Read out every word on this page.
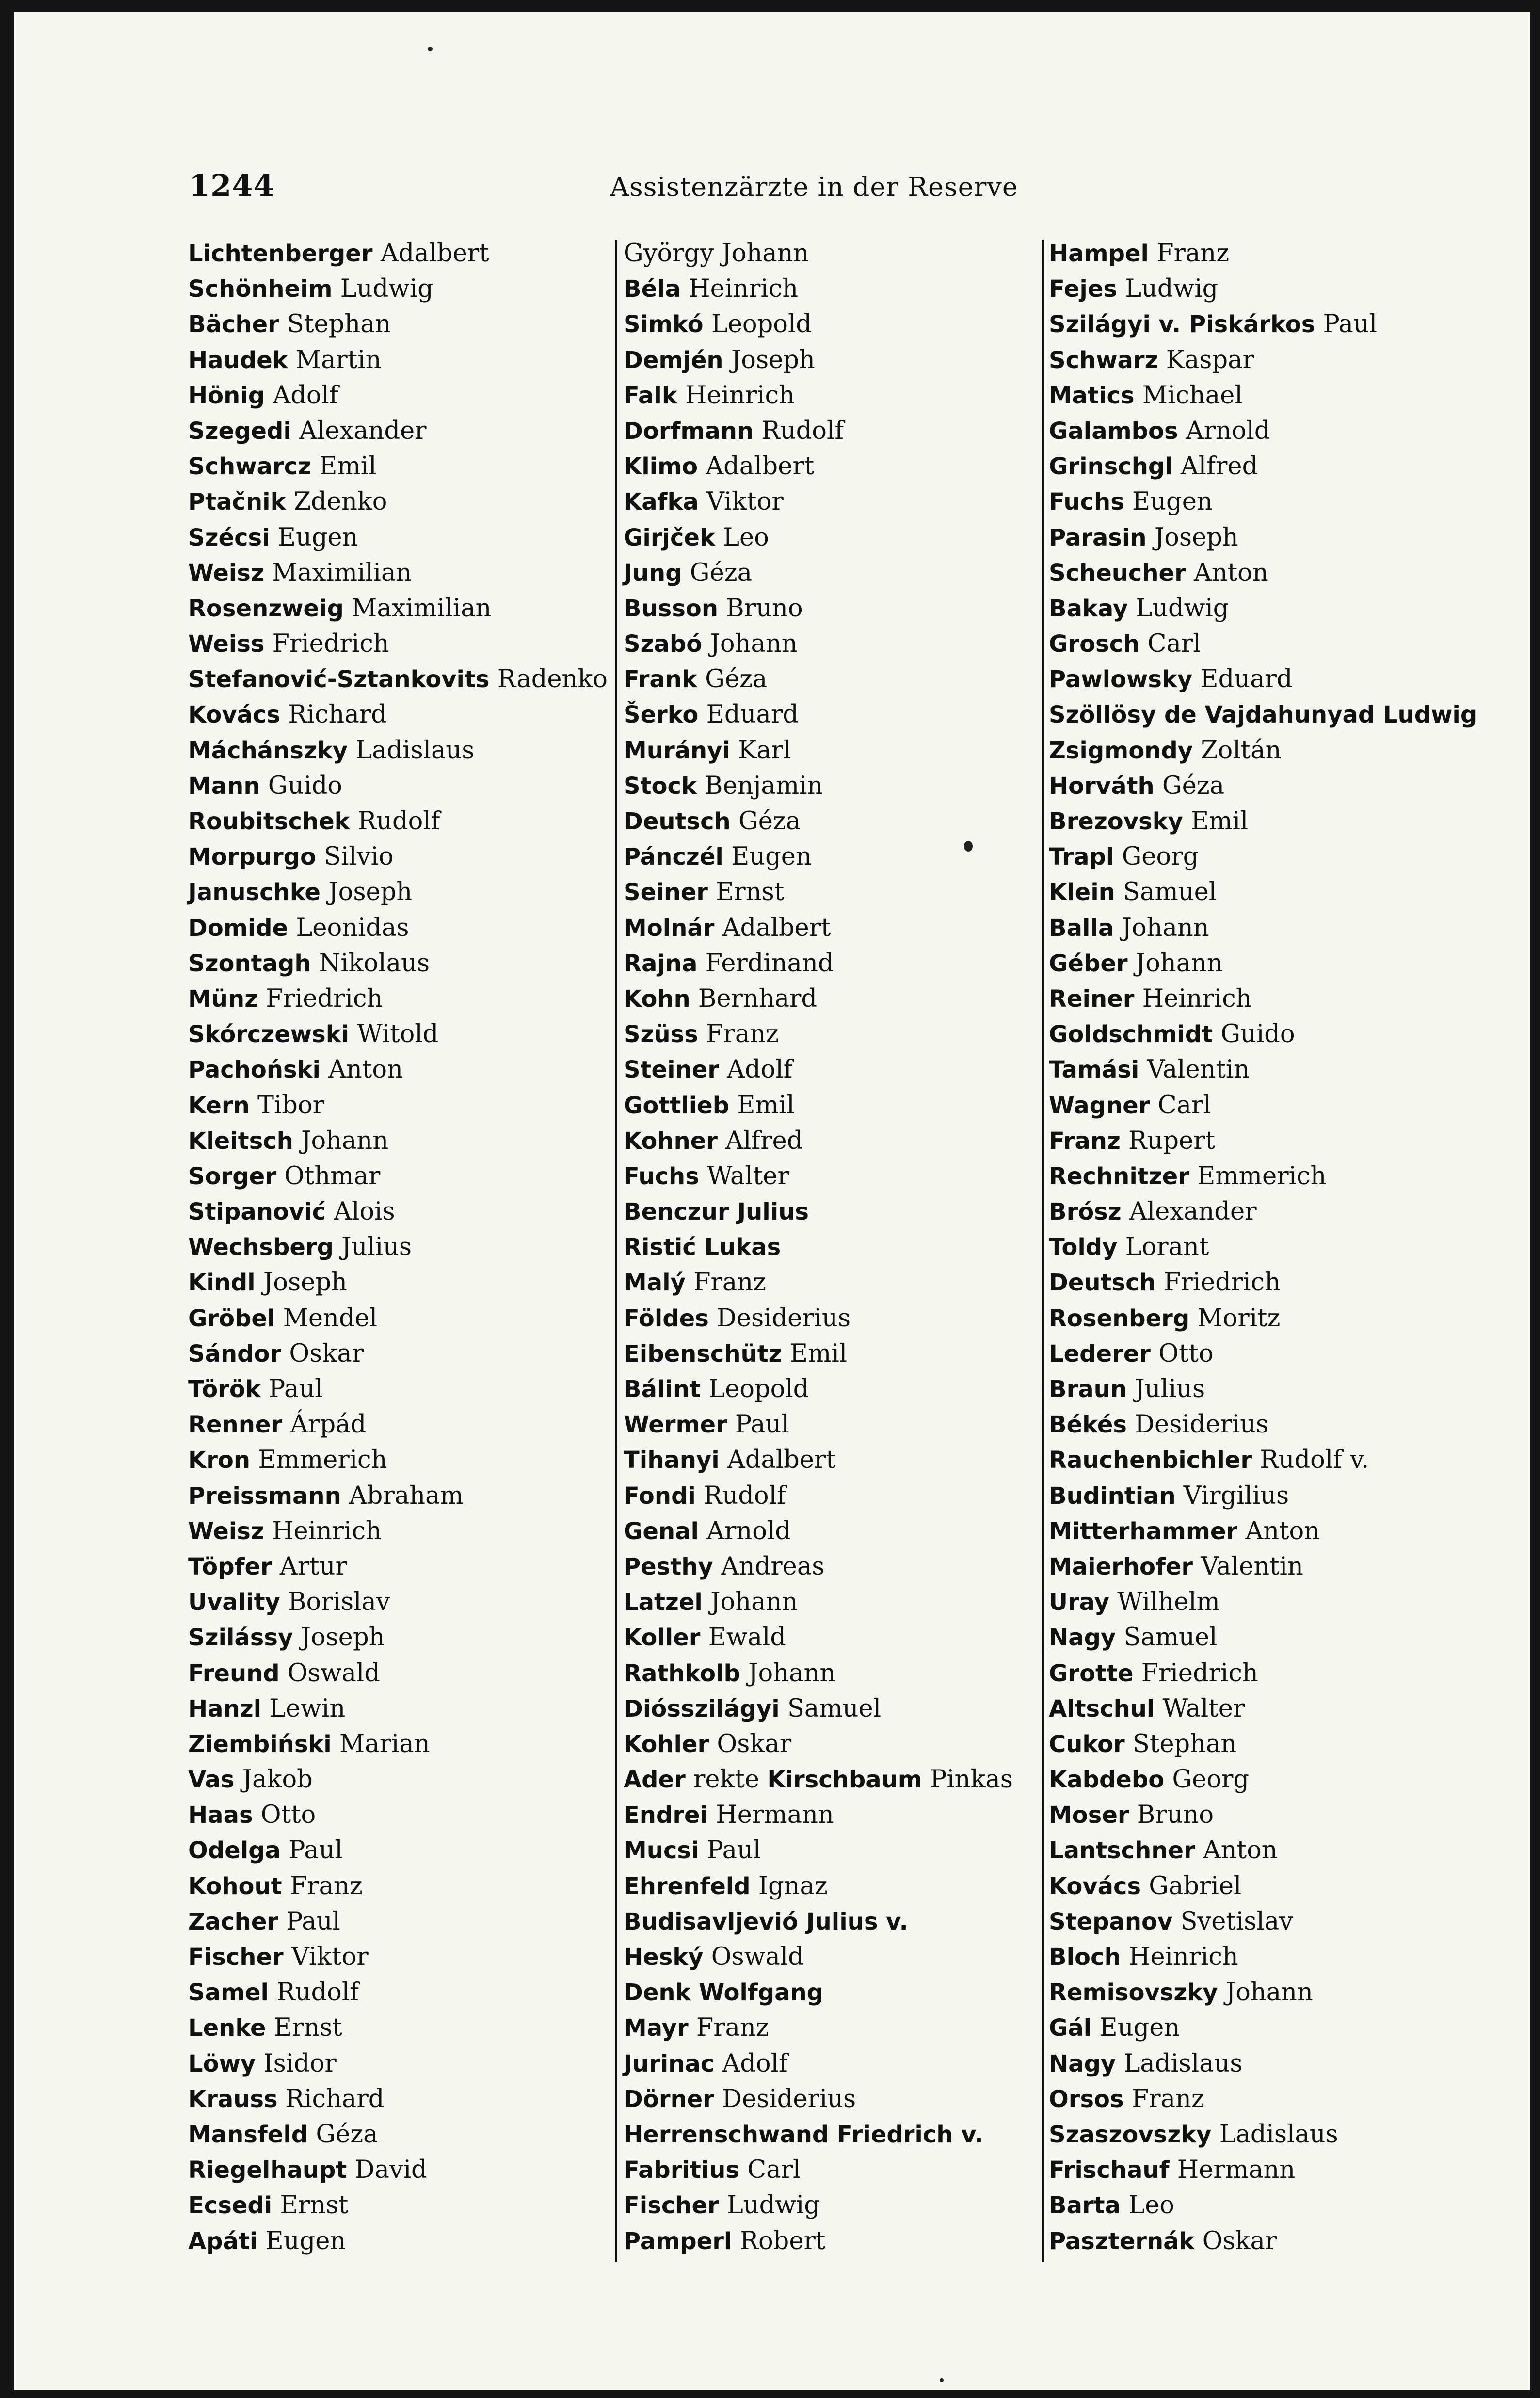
1244	Assistenzärzte in der Reserve
Lichtenberger Adalbert
Schönheim Ludwig
Bächer Stephan
Haudek Martin
Hönig Adolf
Szegedi Alexander
Schwarcz Emil
Ptačnik Zdenko
Szécsi Eugen
Weisz Maximilian
Rosenzweig Maximilian
Weiss Friedrich
Stefanović-Sztankovits Radenko
Kovács Richard
Máchánszky Ladislaus
Mann Guido
Roubitschek Rudolf
Morpurgo Silvio
Januschke Joseph
Domide Leonidas
Szontagh Nikolaus
Münz Friedrich
Skórczewski Witold
Pachoński Anton
Kern Tibor
Kleitsch Johann
Sorger Othmar
Stipanović Alois
Wechsberg Julius
Kindl Joseph
Gröbel Mendel
Sándor Oskar
Török Paul
Renner Árpád
Kron Emmerich
Preissmann Abraham
Weisz Heinrich
Töpfer Artur
Uvality Borislav
Szilássy Joseph
Freund Oswald
Hanzl Lewin
Ziembiński Marian
Vas Jakob
Haas Otto
Odelga Paul
Kohout Franz
Zacher Paul
Fischer Viktor
Samel Rudolf
Lenke Ernst
Löwy Isidor
Krauss Richard
Mansfeld Géza
Riegelhaupt David
Ecsedi Ernst
Apáti Eugen
György Johann
Béla Heinrich
Simkó Leopold
Demjén Joseph
Falk Heinrich
Dorfmann Rudolf
Klimo Adalbert
Kafka Viktor
Girjček Leo
Jung Géza
Busson Bruno
Szabó Johann
Frank Géza
Šerko Eduard
Murányi Karl
Stock Benjamin
Deutsch Géza
Pánczél Eugen
Seiner Ernst
Molnár Adalbert
Rajna Ferdinand
Kohn Bernhard
Szüss Franz
Steiner Adolf
Gottlieb Emil
Kohner Alfred
Fuchs Walter
Benczur Julius
Ristić Lukas
Malý Franz
Földes Desiderius
Eibenschütz Emil
Bálint Leopold
Wermer Paul
Tihanyi Adalbert
Fondi Rudolf
Genal Arnold
Pesthy Andreas
Latzel Johann
Koller Ewald
Rathkolb Johann
Diósszilágyi Samuel
Kohler Oskar
Ader rekte Kirschbaum Pinkas
Endrei Hermann
Mucsi Paul
Ehrenfeld Ignaz
Budisavljevió Julius v.
Heský Oswald
Denk Wolfgang
Mayr Franz
Jurinac Adolf
Dörner Desiderius
Herrenschwand Friedrich v.
Fabritius Carl
Fischer Ludwig
Pamperl Robert
Hampel Franz
Fejes Ludwig
Szilágyi v. Piskárkos Paul
Schwarz Kaspar
Matics Michael
Galambos Arnold
Grinschgl Alfred
Fuchs Eugen
Parasin Joseph
Scheucher Anton
Bakay Ludwig
Grosch Carl
Pawlowsky Eduard
Szöllösy de Vajdahunyad Ludwig
Zsigmondy Zoltán
Horváth Géza
Brezovsky Emil
Trapl Georg
Klein Samuel
Balla Johann
Géber Johann
Reiner Heinrich
Goldschmidt Guido
Tamási Valentin
Wagner Carl
Franz Rupert
Rechnitzer Emmerich
Brósz Alexander
Toldy Lorant
Deutsch Friedrich
Rosenberg Moritz
Lederer Otto
Braun Julius
Békés Desiderius
Rauchenbichler Rudolf v.
Budintian Virgilius
Mitterhammer Anton
Maierhofer Valentin
Uray Wilhelm
Nagy Samuel
Grotte Friedrich
Altschul Walter
Cukor Stephan
Kabdebo Georg
Moser Bruno
Lantschner Anton
Kovács Gabriel
Stepanov Svetislav
Bloch Heinrich
Remisovszky Johann
Gál Eugen
Nagy Ladislaus
Orsos Franz
Szaszovszky Ladislaus
Frischauf Hermann
Barta Leo
Paszternák Oskar
